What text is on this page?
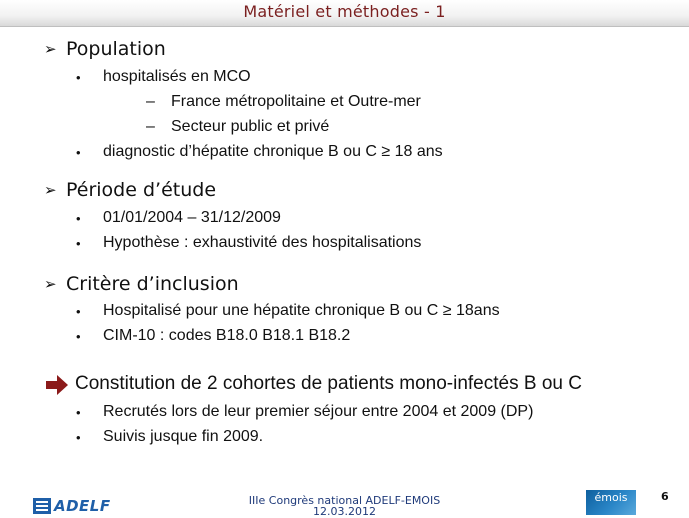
Matériel et méthodes - 1
➢ Population
•	hospitalisés en MCO
–	France métropolitaine et Outre-mer
–	Secteur public et privé
•	diagnostic d’hépatite chronique B ou C ≥ 18 ans
➢ Période d’étude
•	01/01/2004 – 31/12/2009
•	Hypothèse : exhaustivité des hospitalisations
➢ Critère d’inclusion
•	Hospitalisé pour une hépatite chronique B ou C ≥ 18ans
•	CIM-10 : codes B18.0 B18.1 B18.2
Constitution de 2 cohortes de patients mono-infectés B ou C
•	Recrutés lors de leur premier séjour entre 2004 et 2009 (DP)
•	Suivis jusque fin 2009.
ADELF	IIIe Congrès national ADELF-EMOIS
12.03.2012
émois	6
